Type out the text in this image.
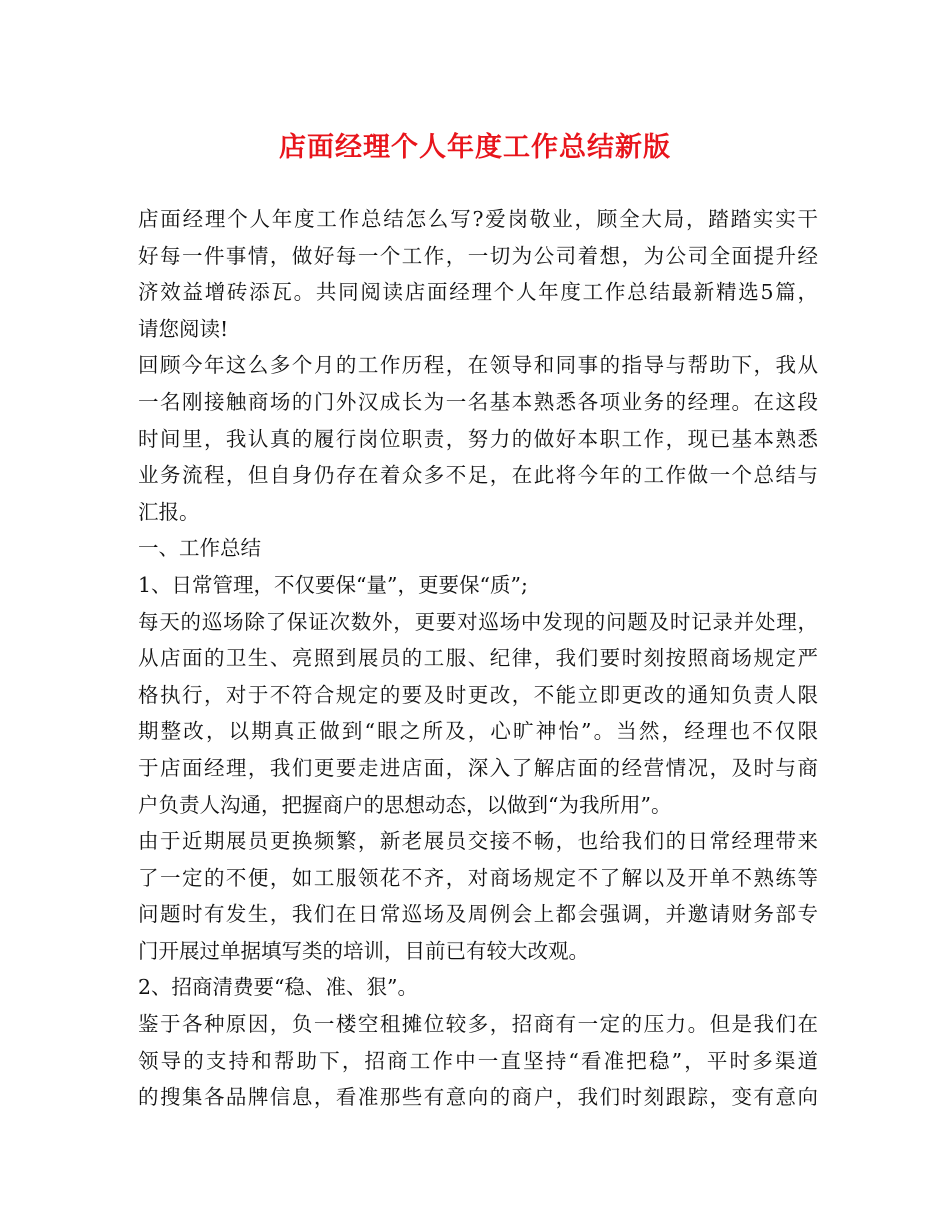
店面经理个人年度工作总结新版
店面经理个人年度工作总结怎么写?爱岗敬业，顾全大局，踏踏实实干
好每一件事情，做好每一个工作，一切为公司着想，为公司全面提升经
济效益增砖添瓦。共同阅读店面经理个人年度工作总结最新精选5篇，
请您阅读!
回顾今年这么多个月的工作历程，在领导和同事的指导与帮助下，我从
一名刚接触商场的门外汉成长为一名基本熟悉各项业务的经理。在这段
时间里，我认真的履行岗位职责，努力的做好本职工作，现已基本熟悉
业务流程，但自身仍存在着众多不足，在此将今年的工作做一个总结与
汇报。
一、工作总结
1、日常管理，不仅要保“量”，更要保“质”;
每天的巡场除了保证次数外，更要对巡场中发现的问题及时记录并处理，
从店面的卫生、亮照到展员的工服、纪律，我们要时刻按照商场规定严
格执行，对于不符合规定的要及时更改，不能立即更改的通知负责人限
期整改，以期真正做到“眼之所及，心旷神怡”。当然，经理也不仅限
于店面经理，我们更要走进店面，深入了解店面的经营情况，及时与商
户负责人沟通，把握商户的思想动态，以做到“为我所用”。
由于近期展员更换频繁，新老展员交接不畅，也给我们的日常经理带来
了一定的不便，如工服领花不齐，对商场规定不了解以及开单不熟练等
问题时有发生，我们在日常巡场及周例会上都会强调，并邀请财务部专
门开展过单据填写类的培训，目前已有较大改观。
2、招商清费要“稳、准、狠”。
鉴于各种原因，负一楼空租摊位较多，招商有一定的压力。但是我们在
领导的支持和帮助下，招商工作中一直坚持“看准把稳”，平时多渠道
的搜集各品牌信息，看准那些有意向的商户，我们时刻跟踪，变有意向
